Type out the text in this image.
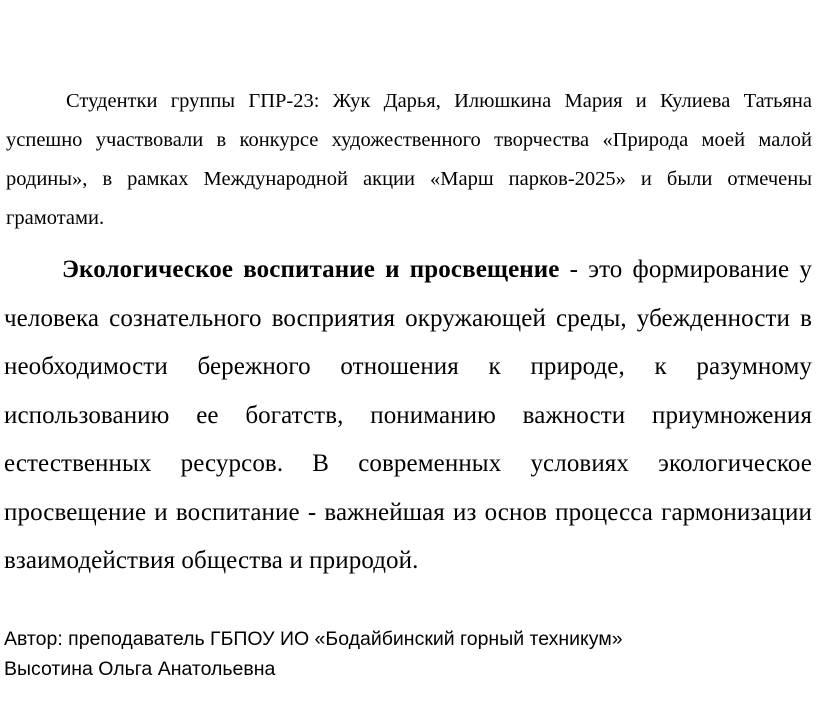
Студентки группы ГПР-23: Жук Дарья, Илюшкина Мария и Кулиева Татьяна успешно участвовали в конкурсе художественного творчества «Природа моей малой родины», в рамках Международной акции «Марш парков-2025» и были отмечены грамотами.

Экологическое воспитание и просвещение - это формирование у человека сознательного восприятия окружающей среды, убежденности в необходимости бережного отношения к природе, к разумному использованию ее богатств, пониманию важности приумножения естественных ресурсов. В современных условиях экологическое просвещение и воспитание - важнейшая из основ процесса гармонизации взаимодействия общества и природой.

Автор: преподаватель ГБПОУ ИО «Бодайбинский горный техникум»
Высотина Ольга Анатольевна
